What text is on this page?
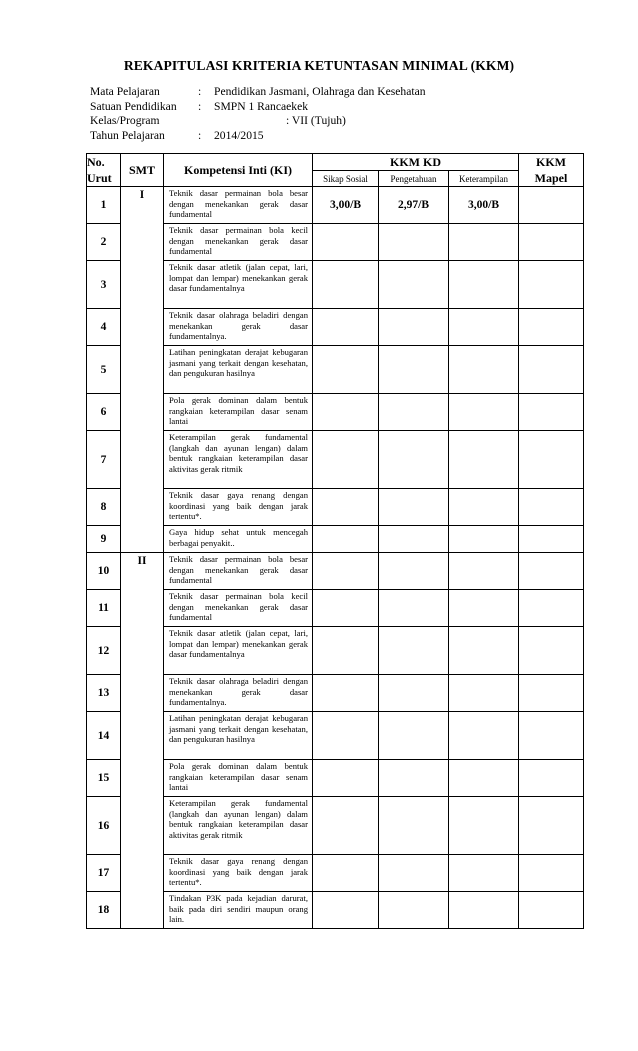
REKAPITULASI KRITERIA KETUNTASAN MINIMAL (KKM)
Mata Pelajaran	:	Pendidikan Jasmani, Olahraga dan Kesehatan
Satuan Pendidikan	:	SMPN 1 Rancaekek
Kelas/Program	: VII (Tujuh)
Tahun Pelajaran	:	2014/2015
No. Urut	SMT	Kompetensi Inti (KI)	KKM KD			KKM Mapel
			Sikap Sosial	Pengetahuan	Keterampilan	
1	I	Teknik dasar permainan bola besar dengan menekankan gerak dasar fundamental	3,00/B	2,97/B	3,00/B	
2		Teknik dasar permainan bola kecil dengan menekankan gerak dasar fundamental				
3		Teknik dasar atletik (jalan cepat, lari, lompat dan lempar) menekankan gerak dasar fundamentalnya				
4		Teknik dasar olahraga beladiri dengan menekankan gerak dasar fundamentalnya.				
5		Latihan peningkatan derajat kebugaran jasmani yang terkait dengan kesehatan, dan pengukuran hasilnya				
6		Pola gerak dominan dalam bentuk rangkaian keterampilan dasar senam lantai				
7		Keterampilan gerak fundamental (langkah dan ayunan lengan) dalam bentuk rangkaian keterampilan dasar aktivitas gerak ritmik				
8		Teknik dasar gaya renang dengan koordinasi yang baik dengan jarak tertentu*.				
9		Gaya hidup sehat untuk mencegah berbagai penyakit..				
10	II	Teknik dasar permainan bola besar dengan menekankan gerak dasar fundamental				
11		Teknik dasar permainan bola kecil dengan menekankan gerak dasar fundamental				
12		Teknik dasar atletik (jalan cepat, lari, lompat dan lempar) menekankan gerak dasar fundamentalnya				
13		Teknik dasar olahraga beladiri dengan menekankan gerak dasar fundamentalnya.				
14		Latihan peningkatan derajat kebugaran jasmani yang terkait dengan kesehatan, dan pengukuran hasilnya				
15		Pola gerak dominan dalam bentuk rangkaian keterampilan dasar senam lantai				
16		Keterampilan gerak fundamental (langkah dan ayunan lengan) dalam bentuk rangkaian keterampilan dasar aktivitas gerak ritmik				
17		Teknik dasar gaya renang dengan koordinasi yang baik dengan jarak tertentu*.				
18		Tindakan P3K pada kejadian darurat, baik pada diri sendiri maupun orang lain.				
